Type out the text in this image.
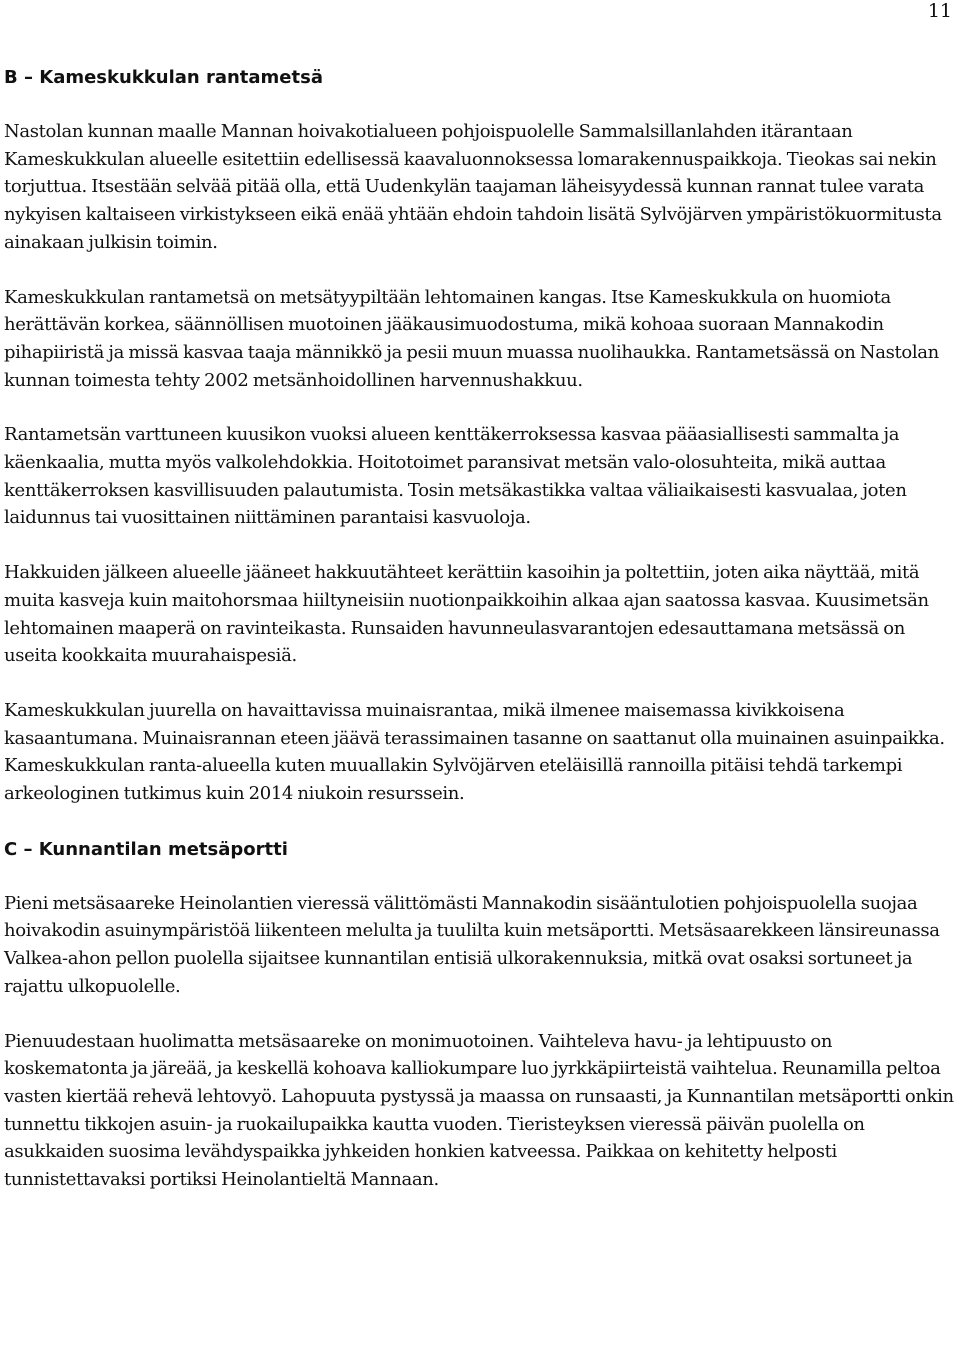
11
B – Kameskukkulan rantametsä

Nastolan kunnan maalle Mannan hoivakotialueen pohjoispuolelle Sammalsillanlahden itärantaan Kameskukkulan alueelle esitettiin edellisessä kaavaluonnoksessa lomarakennuspaikkoja. Tieokas sai nekin torjuttua. Itsestään selvää pitää olla, että Uudenkylän taajaman läheisyydessä kunnan rannat tulee varata nykyisen kaltaiseen virkistykseen eikä enää yhtään ehdoin tahdoin lisätä Sylvöjärven ympäristökuormitusta ainakaan julkisin toimin.

Kameskukkulan rantametsä on metsätyypiltään lehtomainen kangas. Itse Kameskukkula on huomiota herättävän korkea, säännöllisen muotoinen jääkausimuodostuma, mikä kohoaa suoraan Mannakodin pihapiiristä ja missä kasvaa taaja männikkö ja pesii muun muassa nuolihaukka. Rantametsässä on Nastolan kunnan toimesta tehty 2002 metsänhoidollinen harvennushakkuu.

Rantametsän varttuneen kuusikon vuoksi alueen kenttäkerroksessa kasvaa pääasiallisesti sammalta ja käenkaalia, mutta myös valkolehdokkia. Hoitotoimet paransivat metsän valo-olosuhteita, mikä auttaa kenttäkerroksen kasvillisuuden palautumista. Tosin metsäkastikka valtaa väliaikaisesti kasvualaa, joten laidunnus tai vuosittainen niittäminen parantaisi kasvuoloja.

Hakkuiden jälkeen alueelle jääneet hakkuutähteet kerättiin kasoihin ja poltettiin, joten aika näyttää, mitä muita kasveja kuin maitohorsmaa hiiltyneisiin nuotionpaikkoihin alkaa ajan saatossa kasvaa. Kuusimetsän lehtomainen maaperä on ravinteikasta. Runsaiden havunneulasvarantojen edesauttamana metsässä on useita kookkaita muurahaispesiä.

Kameskukkulan juurella on havaittavissa muinaisrantaa, mikä ilmenee maisemassa kivikkoisena kasaantumana. Muinaisrannan eteen jäävä terassimainen tasanne on saattanut olla muinainen asuinpaikka. Kameskukkulan ranta-alueella kuten muuallakin Sylvöjärven eteläisillä rannoilla pitäisi tehdä tarkempi arkeologinen tutkimus kuin 2014 niukoin resurssein.

C – Kunnantilan metsäportti

Pieni metsäsaareke Heinolantien vieressä välittömästi Mannakodin sisääntulotien pohjoispuolella suojaa hoivakodin asuinympäristöä liikenteen melulta ja tuulilta kuin metsäportti. Metsäsaarekkeen länsireunassa Valkea-ahon pellon puolella sijaitsee kunnantilan entisiä ulkorakennuksia, mitkä ovat osaksi sortuneet ja rajattu ulkopuolelle.

Pienuudestaan huolimatta metsäsaareke on monimuotoinen. Vaihteleva havu- ja lehtipuusto on koskematonta ja järeää, ja keskellä kohoava kalliokumpare luo jyrkkäpiirteistä vaihtelua. Reunamilla peltoa vasten kiertää rehevä lehtovyö. Lahopuuta pystyssä ja maassa on runsaasti, ja Kunnantilan metsäportti onkin tunnettu tikkojen asuin- ja ruokailupaikka kautta vuoden. Tieristeyksen vieressä päivän puolella on asukkaiden suosima levähdyspaikka jyhkeiden honkien katveessa. Paikkaa on kehitetty helposti tunnistettavaksi portiksi Heinolantieltä Mannaan.
